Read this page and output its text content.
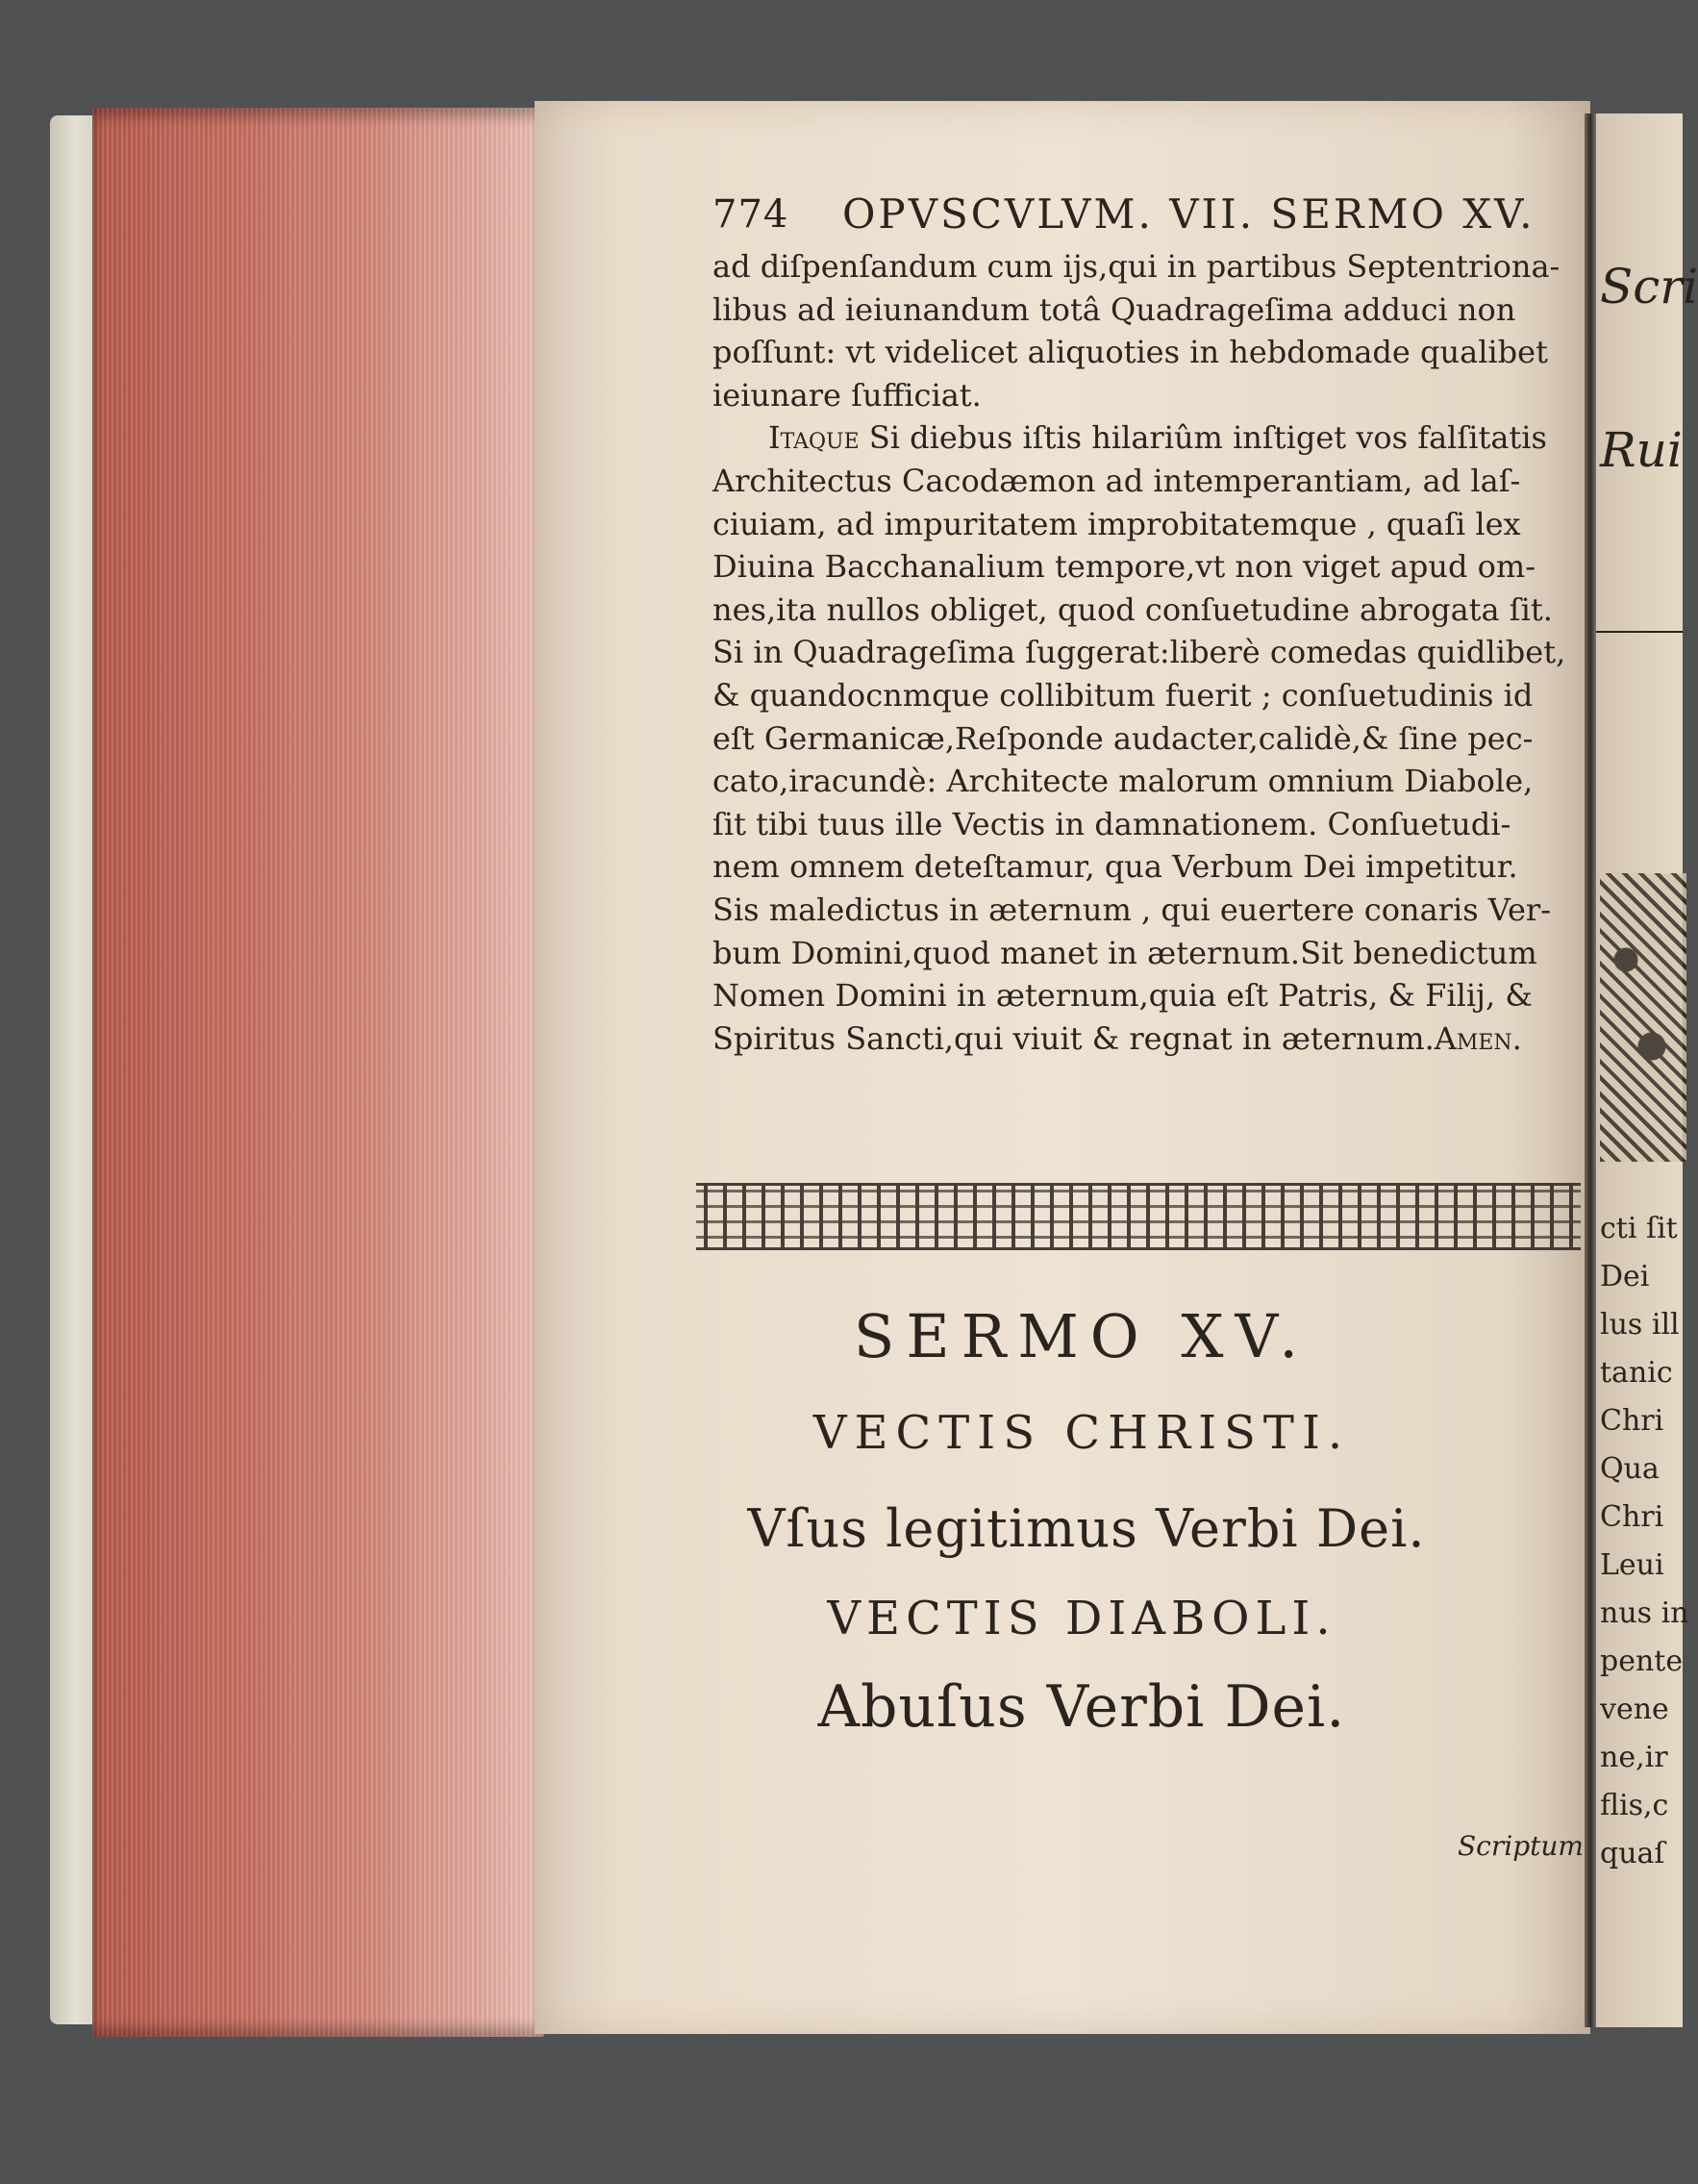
774 OPVSCVLVM. VII. SERMO XV.
ad diſpenſandum cum ijs,qui in partibus Septentriona-
libus ad ieiunandum totâ Quadrageſima adduci non
poſſunt: vt videlicet aliquoties in hebdomade qualibet
ieiunare ſufficiat.
Itaque Si diebus iſtis hilariûm inſtiget vos falſitatis
Architectus Cacodæmon ad intemperantiam, ad laſ-
ciuiam, ad impuritatem improbitatemque , quaſi lex
Diuina Bacchanalium tempore,vt non viget apud om-
nes,ita nullos obliget, quod conſuetudine abrogata ſit.
Si in Quadrageſima ſuggerat:liberè comedas quidlibet,
& quandocnmque collibitum fuerit ; conſuetudinis id
eſt Germanicæ,Reſponde audacter,calidè,& ſine pec-
cato,iracundè: Architecte malorum omnium Diabole,
ſit tibi tuus ille Vectis in damnationem. Conſuetudi-
nem omnem deteſtamur, qua Verbum Dei impetitur.
Sis maledictus in æternum , qui euertere conaris Ver-
bum Domini,quod manet in æternum.Sit benedictum
Nomen Domini in æternum,quia eſt Patris, & Filij, &
Spiritus Sancti,qui viuit & regnat in æternum.Amen.
SERMO XV.
VECTIS CHRISTI.
Vſus legitimus Verbi Dei.
VECTIS DIABOLI.
Abuſus Verbi Dei.
Scriptum
Scri
Rui
cti ſit
Dei
lus ill
tanic
Chri
Qua
Chri
Leui
nus in
pente
vene
ne,ir
flis,c
quaſ
